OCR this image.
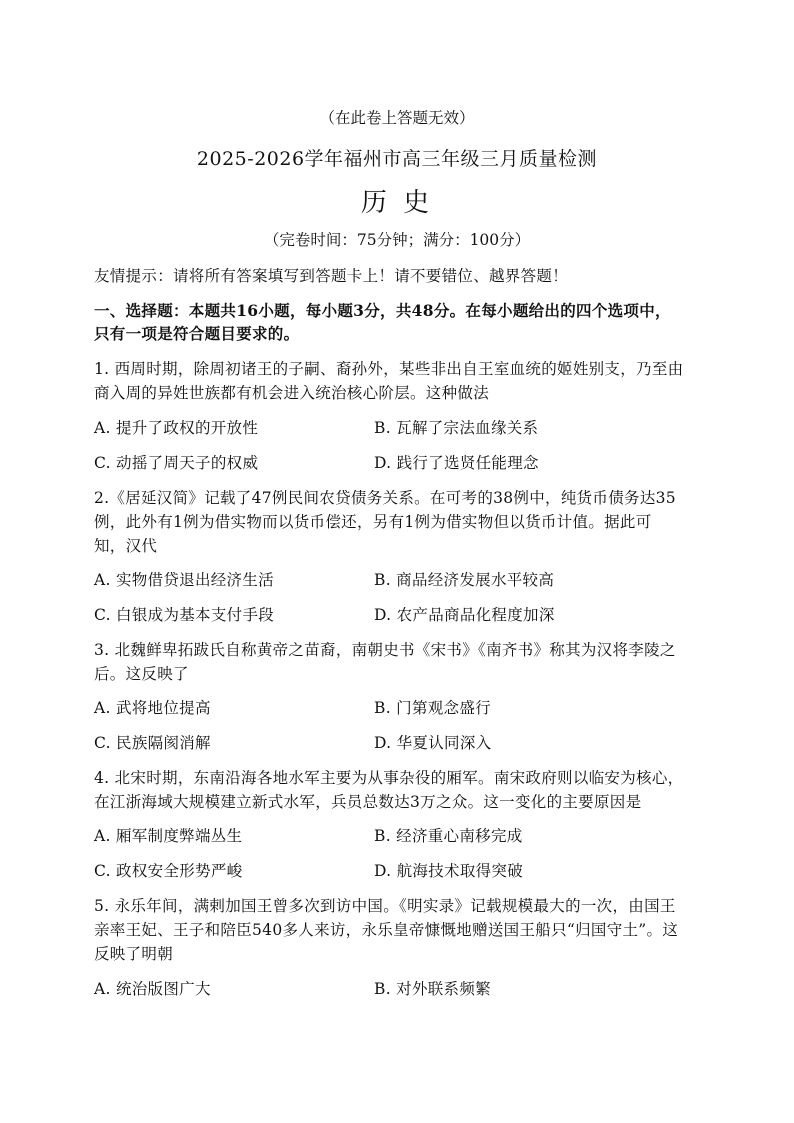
（在此卷上答题无效）
2025-2026学年福州市高三年级三月质量检测
历 史
（完卷时间：75分钟；满分：100分）
友情提示：请将所有答案填写到答题卡上！请不要错位、越界答题！
一、选择题：本题共16小题，每小题3分，共48分。在每小题给出的四个选项中，
只有一项是符合题目要求的。
1. 西周时期，除周初诸王的子嗣、裔孙外，某些非出自王室血统的姬姓别支，乃至由
商入周的异姓世族都有机会进入统治核心阶层。这种做法
A. 提升了政权的开放性	B. 瓦解了宗法血缘关系
C. 动摇了周天子的权威	D. 践行了选贤任能理念
2.《居延汉简》记载了47例民间农贷债务关系。在可考的38例中，纯货币债务达35
例，此外有1例为借实物而以货币偿还，另有1例为借实物但以货币计值。据此可
知，汉代
A. 实物借贷退出经济生活	B. 商品经济发展水平较高
C. 白银成为基本支付手段	D. 农产品商品化程度加深
3. 北魏鲜卑拓跋氏自称黄帝之苗裔，南朝史书《宋书》《南齐书》称其为汉将李陵之
后。这反映了
A. 武将地位提高	B. 门第观念盛行
C. 民族隔阂消解	D. 华夏认同深入
4. 北宋时期，东南沿海各地水军主要为从事杂役的厢军。南宋政府则以临安为核心，
在江浙海域大规模建立新式水军，兵员总数达3万之众。这一变化的主要原因是
A. 厢军制度弊端丛生	B. 经济重心南移完成
C. 政权安全形势严峻	D. 航海技术取得突破
5. 永乐年间，满剌加国王曾多次到访中国。《明实录》记载规模最大的一次，由国王
亲率王妃、王子和陪臣540多人来访，永乐皇帝慷慨地赠送国王船只“归国守土”。这
反映了明朝
A. 统治版图广大	B. 对外联系频繁
